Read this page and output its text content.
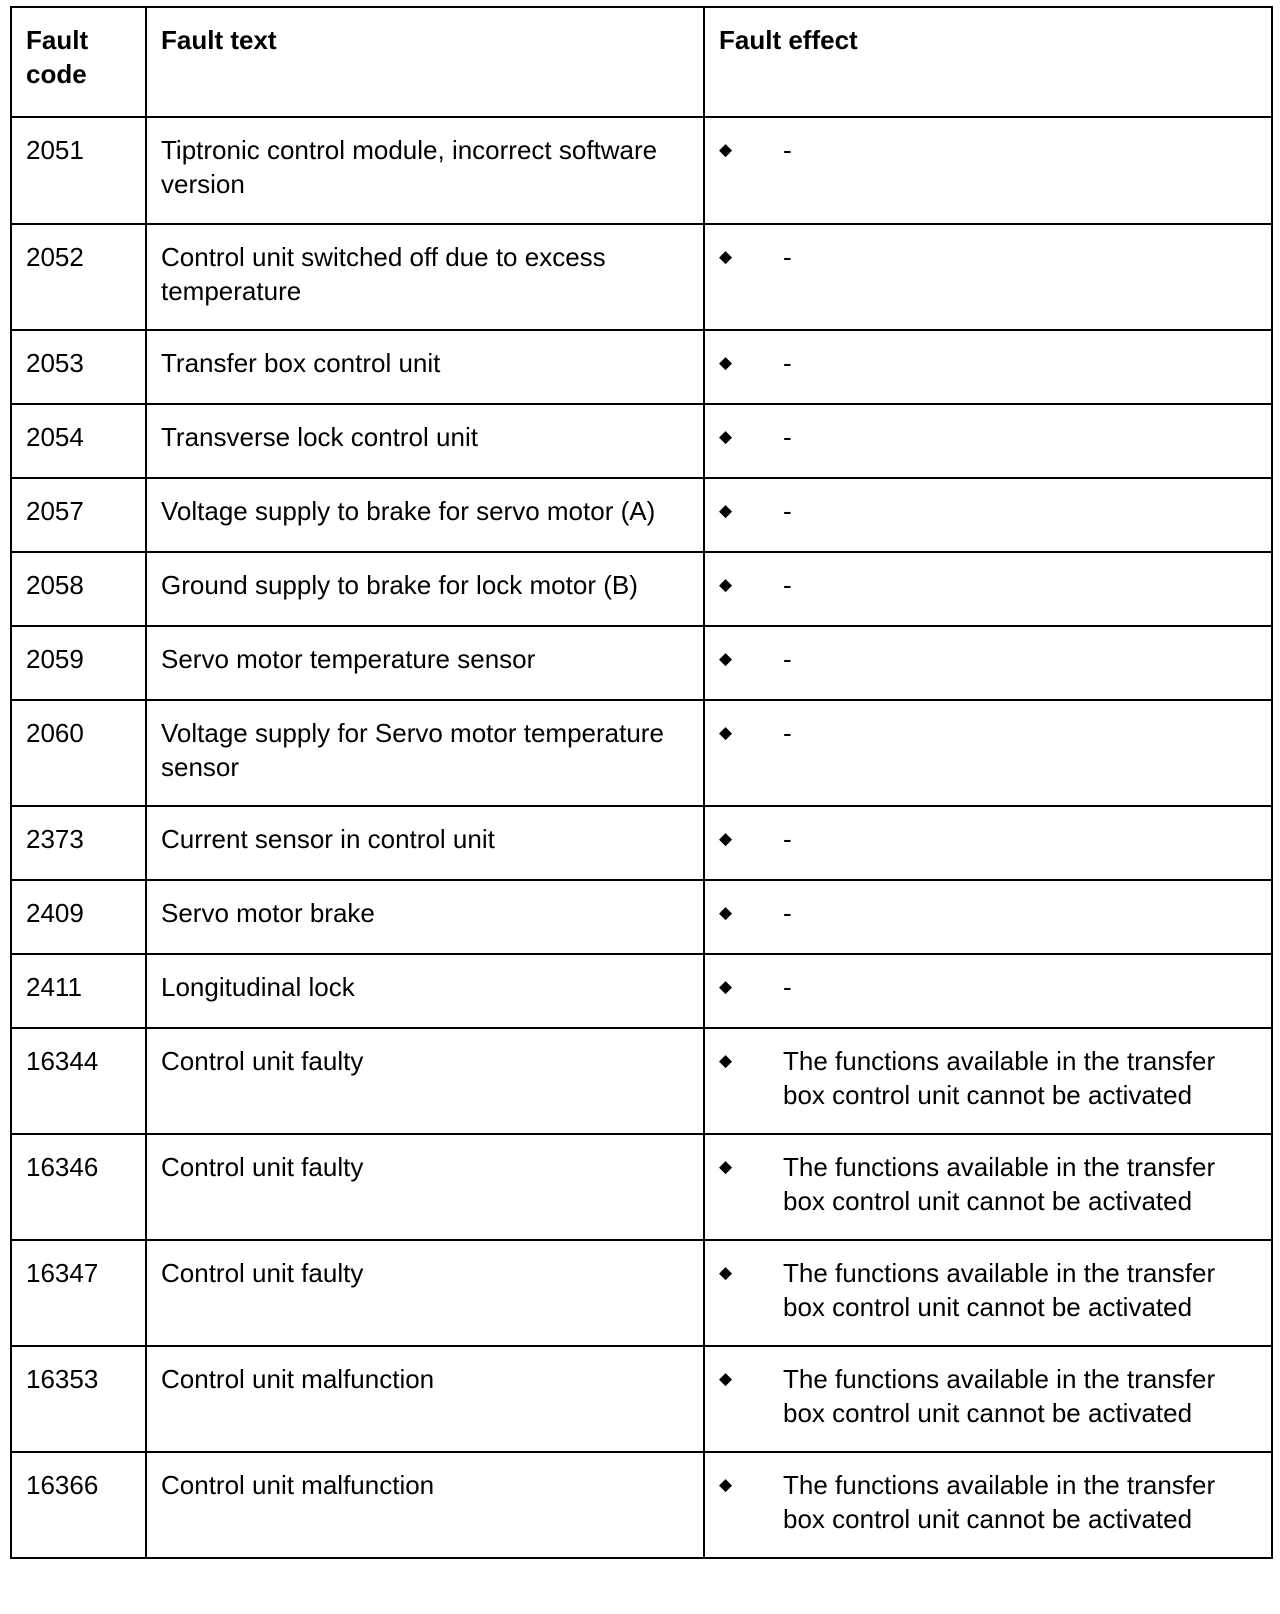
Fault code	Fault text	Fault effect
2051	Tiptronic control module, incorrect software version	◆ -

2052	Control unit switched off due to excess temperature	◆ -

2053	Transfer box control unit	◆ -

2054	Transverse lock control unit	◆ -

2057	Voltage supply to brake for servo motor (A)	◆ -

2058	Ground supply to brake for lock motor (B)	◆ -

2059	Servo motor temperature sensor	◆ -

2060	Voltage supply for Servo motor temperature sensor	◆ -

2373	Current sensor in control unit	◆ -

2409	Servo motor brake	◆ -

2411	Longitudinal lock	◆ -

16344	Control unit faulty	◆ The functions available in the transfer box control unit cannot be activated

16346	Control unit faulty	◆ The functions available in the transfer box control unit cannot be activated

16347	Control unit faulty	◆ The functions available in the transfer box control unit cannot be activated

16353	Control unit malfunction	◆ The functions available in the transfer box control unit cannot be activated

16366	Control unit malfunction	◆ The functions available in the transfer box control unit cannot be activated
